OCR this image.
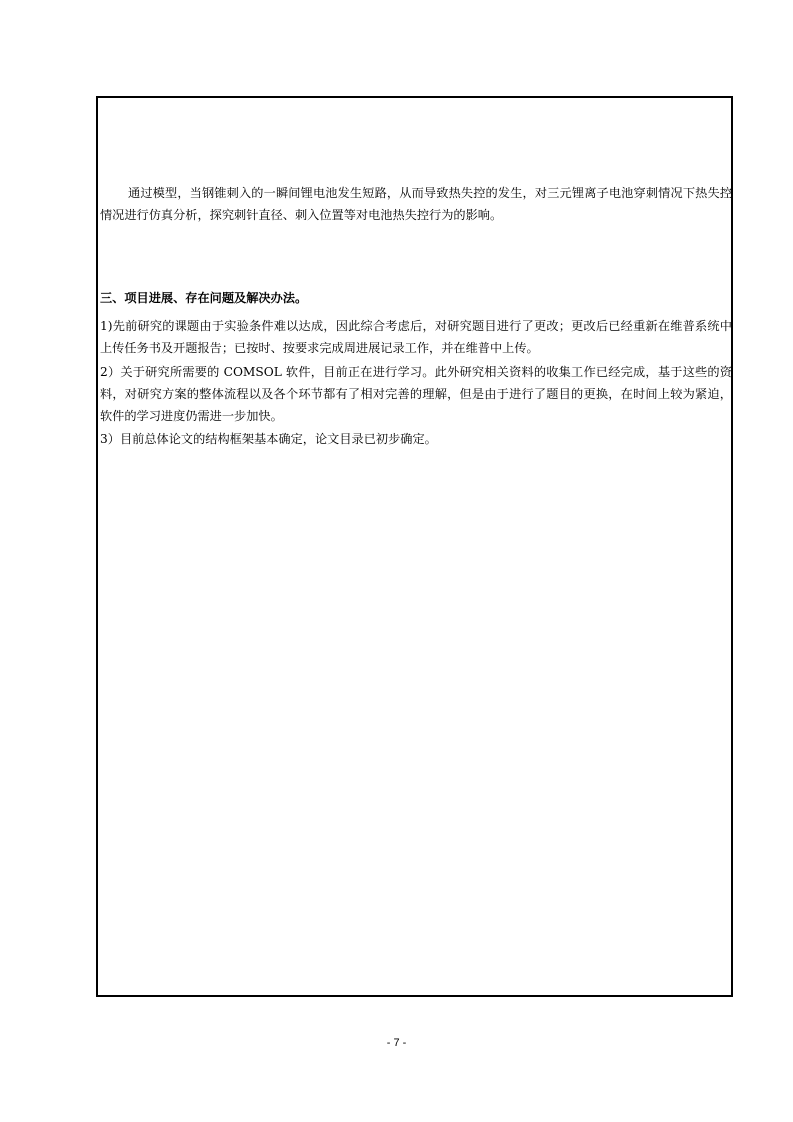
通过模型，当钢锥刺入的一瞬间锂电池发生短路，从而导致热失控的发生，对三元锂离子电池穿刺情况下热失控情况进行仿真分析，探究刺针直径、刺入位置等对电池热失控行为的影响。

三、项目进展、存在问题及解决办法。

1)先前研究的课题由于实验条件难以达成，因此综合考虑后，对研究题目进行了更改；更改后已经重新在维普系统中上传任务书及开题报告；已按时、按要求完成周进展记录工作，并在维普中上传。

2）关于研究所需要的 COMSOL 软件，目前正在进行学习。此外研究相关资料的收集工作已经完成，基于这些的资料，对研究方案的整体流程以及各个环节都有了相对完善的理解，但是由于进行了题目的更换，在时间上较为紧迫，软件的学习进度仍需进一步加快。

3）目前总体论文的结构框架基本确定，论文目录已初步确定。

- 7 -
